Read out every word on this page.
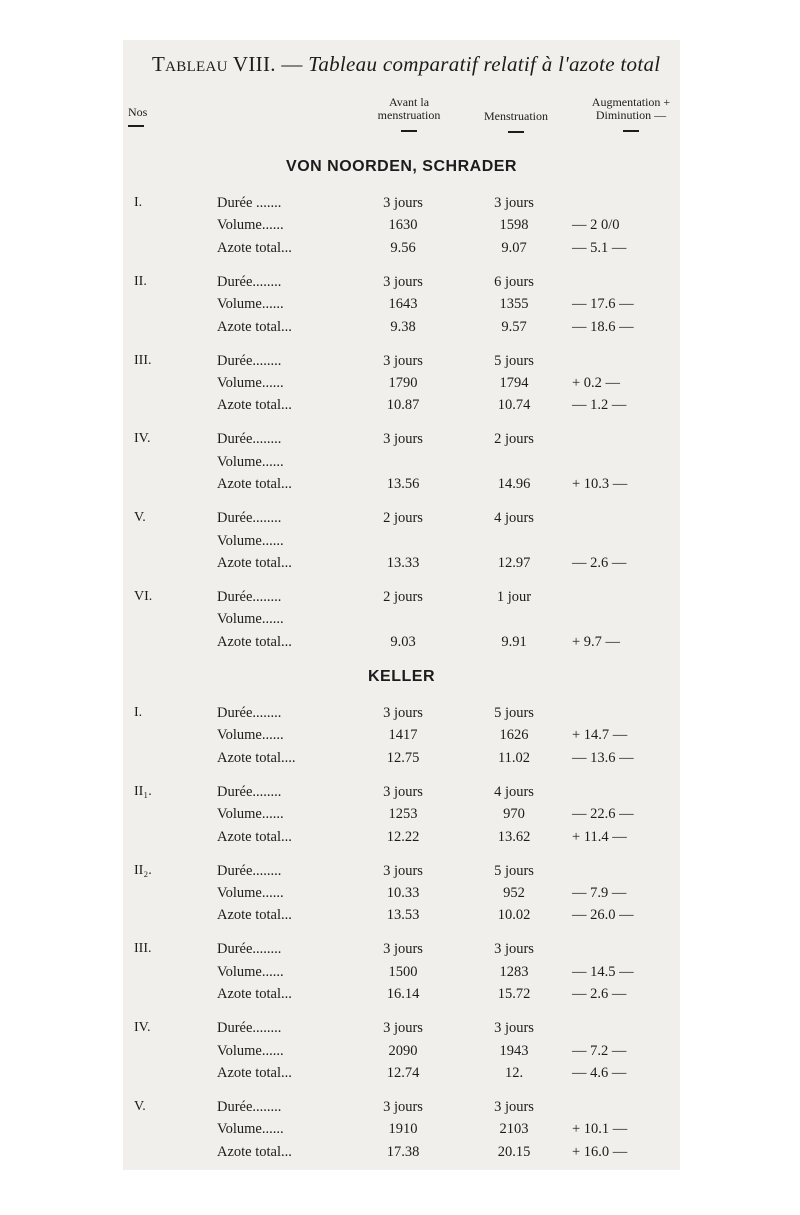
Tableau VIII. — Tableau comparatif relatif à l'azote total
Nos
Avant la
menstruation	Menstruation
Augmentation +
Diminution —
VON NOORDEN, SCHRADER
I.	Durée .......	3 jours	3 jours
Volume......	1630	1598	— 2 0/0
Azote total...	9.56	9.07	— 5.1 —
II.	Durée........	3 jours	6 jours
Volume......	1643	1355	— 17.6 —
Azote total...	9.38	9.57	— 18.6 —
III.	Durée........	3 jours	5 jours
Volume......	1790	1794	+ 0.2 —
Azote total...	10.87	10.74	— 1.2 —
IV.	Durée........	3 jours	2 jours
Volume......
Azote total...	13.56	14.96	+ 10.3 —
V.	Durée........	2 jours	4 jours
Volume......
Azote total...	13.33	12.97	— 2.6 —
VI.	Durée........	2 jours	1 jour
Volume......
Azote total...	9.03	9.91	+ 9.7 —
KELLER
I.	Durée........	3 jours	5 jours
Volume......	1417	1626	+ 14.7 —
Azote total....	12.75	11.02	— 13.6 —
II₁.	Durée........	3 jours	4 jours
Volume......	1253	970	— 22.6 —
Azote total...	12.22	13.62	+ 11.4 —
II₂.	Durée........	3 jours	5 jours
Volume......	10.33	952	— 7.9 —
Azote total...	13.53	10.02	— 26.0 —
III.	Durée........	3 jours	3 jours
Volume......	1500	1283	— 14.5 —
Azote total...	16.14	15.72	— 2.6 —
IV.	Durée........	3 jours	3 jours
Volume......	2090	1943	— 7.2 —
Azote total...	12.74	12.	— 4.6 —
V.	Durée........	3 jours	3 jours
Volume......	1910	2103	+ 10.1 —
Azote total...	17.38	20.15	+ 16.0 —
